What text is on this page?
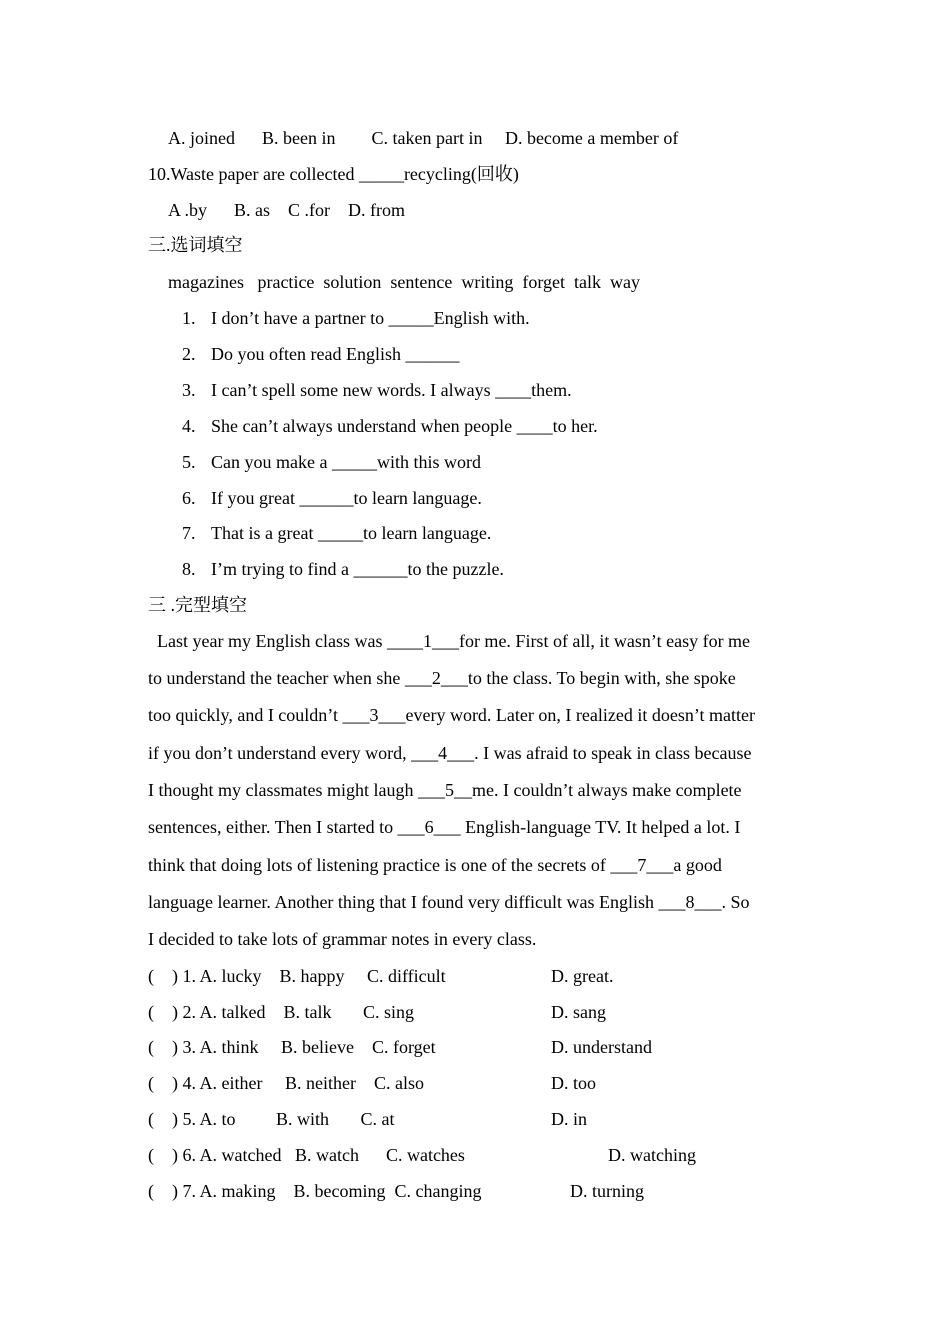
A. joined      B. been in        C. taken part in     D. become a member of
10.Waste paper are collected _____recycling(回收)
A .by      B. as    C .for    D. from
三.选词填空
magazines   practice  solution  sentence  writing  forget  talk  way
1. I don’t have a partner to _____English with.
2. Do you often read English ______
3. I can’t spell some new words. I always ____them.
4. She can’t always understand when people ____to her.
5. Can you make a _____with this word
6. If you great ______to learn language.
7. That is a great _____to learn language.
8. I’m trying to find a ______to the puzzle.
三 .完型填空
Last year my English class was ____1___for me. First of all, it wasn’t easy for me
to understand the teacher when she ___2___to the class. To begin with, she spoke
too quickly, and I couldn’t ___3___every word. Later on, I realized it doesn’t matter
if you don’t understand every word, ___4___. I was afraid to speak in class because
I thought my classmates might laugh ___5__me. I couldn’t always make complete
sentences, either. Then I started to ___6___ English-language TV. It helped a lot. I
think that doing lots of listening practice is one of the secrets of ___7___a good
language learner. Another thing that I found very difficult was English ___8___. So
I decided to take lots of grammar notes in every class.
(    ) 1. A. lucky    B. happy     C. difficult	D. great.
(    ) 2. A. talked    B. talk       C. sing	D. sang
(    ) 3. A. think     B. believe    C. forget	D. understand
(    ) 4. A. either     B. neither    C. also	D. too
(    ) 5. A. to         B. with       C. at	D. in
(    ) 6. A. watched   B. watch      C. watches	D. watching
(    ) 7. A. making    B. becoming  C. changing	D. turning
